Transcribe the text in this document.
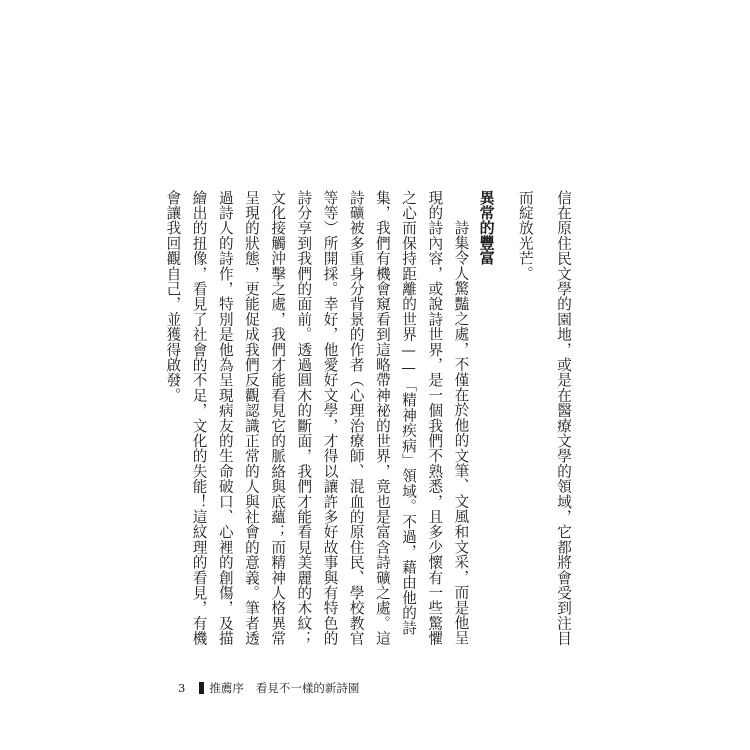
信在原住民文學的園地，或是在醫療文學的領域，它都將會受到注目
而綻放光芒。
異常的豐富
詩集令人驚豔之處，不僅在於他的文筆、文風和文采，而是他呈
現的詩內容，或說詩世界，是一個我們不熟悉，且多少懷有一些驚懼
之心而保持距離的世界——「精神疾病」領域。不過，藉由他的詩
集，我們有機會窺看到這略帶神祕的世界，竟也是富含詩礦之處。這
詩礦被多重身分背景的作者（心理治療師、混血的原住民、學校教官
等等）所開採。幸好，他愛好文學，才得以讓許多好故事與有特色的
詩分享到我們的面前。透過圓木的斷面，我們才能看見美麗的木紋；
文化接觸沖擊之處，我們才能看見它的脈絡與底蘊；而精神人格異常
呈現的狀態，更能促成我們反觀認識正常的人與社會的意義。筆者透
過詩人的詩作，特別是他為呈現病友的生命破口、心裡的創傷，及描
繪出的扭像，看見了社會的不足，文化的失能！這紋理的看見，有機
會讓我回觀自己，並獲得啟發。
3 推薦序 看見不一樣的新詩園
